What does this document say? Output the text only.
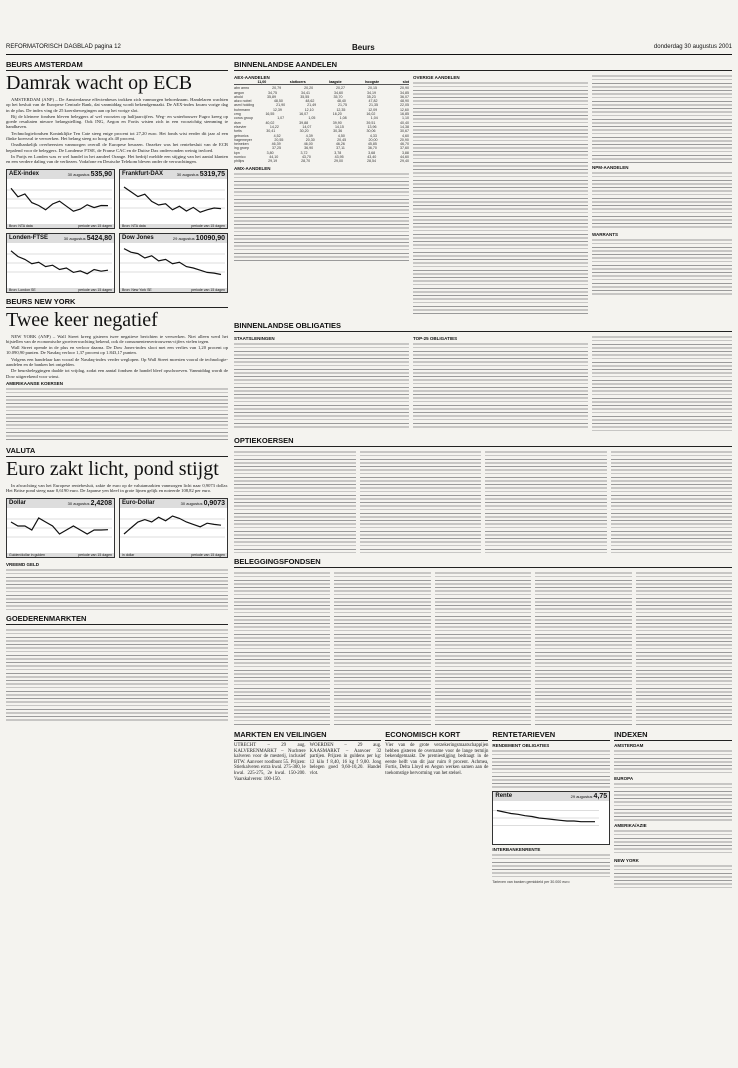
REFORMATORISCH DAGBLAD pagina 12	Beurs	donderdag 30 augustus 2001
BEURS AMSTERDAM
Damrak wacht op ECB

AMSTERDAM (ANP) – De Amsterdamse effectenbeurs trokken zich vanmorgen behoedzaam. Handelaren wachten op het besluit van de Europese Centrale Bank, dat vanmiddag wordt bekendgemaakt. De AEX-index kwam vorige dag in de plus. De index ving de 25 koersbewegingen aan op het vorige slot.

Bij de kleinere fondsen bleven beleggers af wel voorzien op halfjaarcijfers. Weg- en waterbouwer Fugro kreeg op goede resultaten nieuwe belangstelling. Ook ING, Aegon en Fortis wisten zich in een voorzichtig stemming te handhaven.

Technologiefondsen Koninklijke Ten Cate steeg enige procent tot 27,20 euro. Het fonds wist eerder dit jaar al een flinke koersval te verwerken. Het belang steeg zo hoog als 40 procent.

Onafhankelijk overheersten vanmorgen overall de Europese beurzen. Onzeker was het rentebesluit van de ECB bepalend voor de beleggers. De Londense FTSE, de Franse CAC en de Duitse Dax ondervonden weinig invloed.

In Parijs en Londen was er wel handel in het aandeel Orange. Het bedrijf meldde een stijging van het aantal klanten en een verdere daling van de verliezen. Vodafone en Deutsche Telekom bleven onder de verwachtingen.

AEX-index	30 augustus 535,90
Bron: NTA data	periode van 15 dagen
Frankfurt-DAX	30 augustus 5319,75
Bron: NTA data	periode van 15 dagen
Londen-FTSE	30 augustus 5424,80
Bron: London SE	periode van 15 dagen
Dow Jones	29 augustus 10090,90
Bron: New York SE	periode van 15 dagen
BEURS NEW YORK
Twee keer negatief

NEW YORK (ANP) – Wall Street kreeg gisteren twee negatieve berichten te verwerken. Niet alleen werd het bijstellen van de economische groeiverwachting bekend, ook de consumentenvertrouwens-cijfers vielen tegen.

Wall Street opende in de plus en verloor daarna. De Dow Jones-index sloot met een verlies van 1,20 procent op 10.090,90 punten. De Nasdaq verloor 1,37 procent op 1.843,17 punten.

Volgens een handelaar kan vooral de Nasdaq-index verder weglopen. Op Wall Street moesten vooral de technologie-aandelen en de banken het ontgelden.

De beursbeleggingen daalde tot vrijdag, zodat een aantal fondsen de handel bleef opschroeven. Vanmiddag wordt de Dow uitgerekend voor winst.

AMERIKAANSE KOERSEN
VALUTA
Euro zakt licht, pond stijgt

In afwachting van het Europese rentebesluit, zakte de euro op de valutamarkten vanmorgen licht naar 0,9073 dollar. Het Britse pond steeg naar 0,6190 euro. De Japanse yen bleef in grote lijnen gelijk en noteerde 108,82 per euro.

Dollar	30 augustus 2,4208
Gulden/dollar in gulden	periode van 15 dagen
Euro-Dollar	30 augustus 0,9073
in dollar	periode van 15 dagen
VREEMD GELD
GOEDERENMARKTEN
BINNENLANDSE AANDELEN
AEX-AANDELEN
11,00	slotkoers	laagste	hoogste	slot
abn amro	20,79	20,20	20,27	20,15	20,90
aegon	34,75	34,41	34,60	34,19	34,85
ahold	35,89	35,55	35,70	35,23	36,07
akzo nobel	48,50	48,62	48,40	47,82	48,90
asml holding	21,90	21,49	21,75	21,35	22,05
buhrmann	12,39	12,10	12,35	12,09	12,60
cmg	16,55	16,07	16,20	16,02	16,85
corus group	1,07	1,05	1,08	1,04	1,10
dsm	40,02	39,88	39,90	39,51	40,40
elsevier	14,22	14,07	14,15	13,96	14,38
fortis	30,41	30,20	30,36	30,06	30,67
getronics	4,52	4,39	4,50	4,33	4,60
hagemeyer	20,55	20,30	20,45	20,00	20,90
heineken	46,39	46,00	46,26	45,85	46,70
ing groep	37,25	36,90	37,11	36,70	37,60
kpn	3,80	3,72	3,78	3,68	3,88
numico	44,10	43,70	43,95	43,40	44,60
philips	29,19	28,70	29,00	28,54	29,40
AMX-AANDELEN
OVERIGE AANDELEN
NPM-AANDELEN
WARRANTS
BINNENLANDSE OBLIGATIES
STAATSLENINGEN	TOP-25 OBLIGATIES
OPTIEKOERSEN
BELEGGINGSFONDSEN
MARKTEN EN VEILINGEN
UTRECHT – 29 aug. KALVERENMARKT – Nuchtere kalveren voor de mesterij, inclusief BTW. Aanvoer roodbont 55. Prijzen: Stierkalveren extra kwal. 275-300, le kwal. 225-275, 2e kwal. 150-200. Vaarskalveren: 100-150.
WOERDEN – 29 aug. KAASMARKT – Aanvoer 32 partijen. Prijzen in guldens per kg: 12 kilo f 8,40, 16 kg f 9,00. Jong belegen goed 9,60-10,20. Handel vlot.
ECONOMISCH KORT
Vier van de grote verzekeringsmaatschappijen hebben gisteren de overname voor de lange termijn bekendgemaakt. De premiestijging bedraagt in de eerste helft van dit jaar ruim 8 procent. Achmea, Fortis, Delta Lloyd en Aegon werken samen aan de toekomstige hervorming van het stelsel.
RENTETARIEVEN
RENDEMENT OBLIGATIES
Rente	29 augustus 4,75
INTERBANKENRENTE
Tarieven van banken gemiddeld per 30.000 euro
INDEXEN
AMSTERDAM
EUROPA
AMERIKA/AZIE
NEW YORK
